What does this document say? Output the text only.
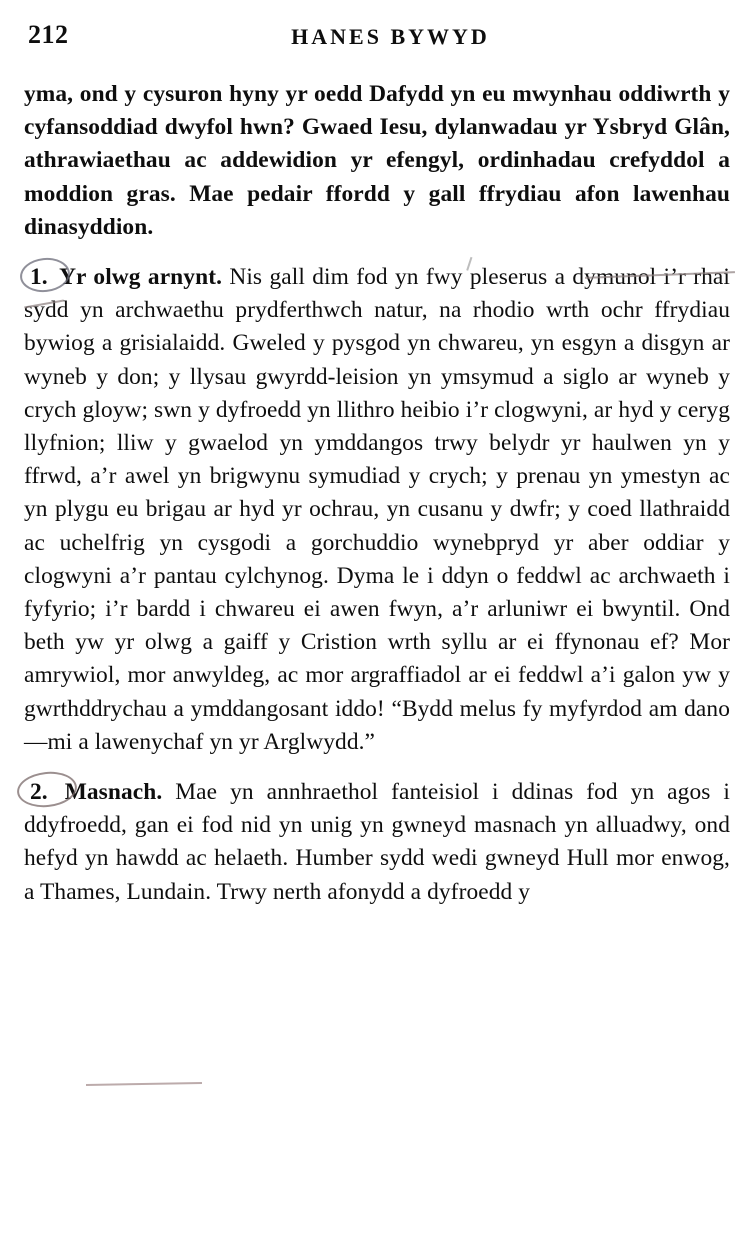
212	HANES BYWYD

yma, ond y cysuron hyny yr oedd Dafydd yn eu mwynhau oddiwrth y cyfansoddiad dwyfol hwn? Gwaed Iesu, dylanwadau yr Ysbryd Glân, athrawiaethau ac addewidion yr efengyl, ordinhadau crefyddol a moddion gras. Mae pedair ffordd y gall ffrydiau afon lawenhau dinasyddion.

1. Yr olwg arnynt. Nis gall dim fod yn fwy pleserus a dymunol i’r rhai sydd yn archwaethu prydferthwch natur, na rhodio wrth ochr ffrydiau bywiog a grisialaidd. Gweled y pysgod yn chwareu, yn esgyn a disgyn ar wyneb y don; y llysau gwyrdd-leision yn ymsymud a siglo ar wyneb y crych gloyw; swn y dyfroedd yn llithro heibio i’r clogwyni, ar hyd y ceryg llyfnion; lliw y gwaelod yn ymddangos trwy belydr yr haulwen yn y ffrwd, a’r awel yn brigwynu symudiad y crych; y prenau yn ymestyn ac yn plygu eu brigau ar hyd yr ochrau, yn cusanu y dwfr; y coed llathraidd ac uchelfrig yn cysgodi a gorchuddio wynebpryd yr aber oddiar y clogwyni a’r pantau cylchynog. Dyma le i ddyn o feddwl ac archwaeth i fyfyrio; i’r bardd i chwareu ei awen fwyn, a’r arluniwr ei bwyntil. Ond beth yw yr olwg a gaiff y Cristion wrth syllu ar ei ffynonau ef? Mor amrywiol, mor anwyldeg, ac mor argraffiadol ar ei feddwl a’i galon yw y gwrthddrychau a ymddangosant iddo! “Bydd melus fy myfyrdod am dano—mi a lawenychaf yn yr Arglwydd.”

2. Masnach. Mae yn annhraethol fanteisiol i ddinas fod yn agos i ddyfroedd, gan ei fod nid yn unig yn gwneyd masnach yn alluadwy, ond hefyd yn hawdd ac helaeth. Humber sydd wedi gwneyd Hull mor enwog, a Thames, Lundain. Trwy nerth afonydd a dyfroedd y
